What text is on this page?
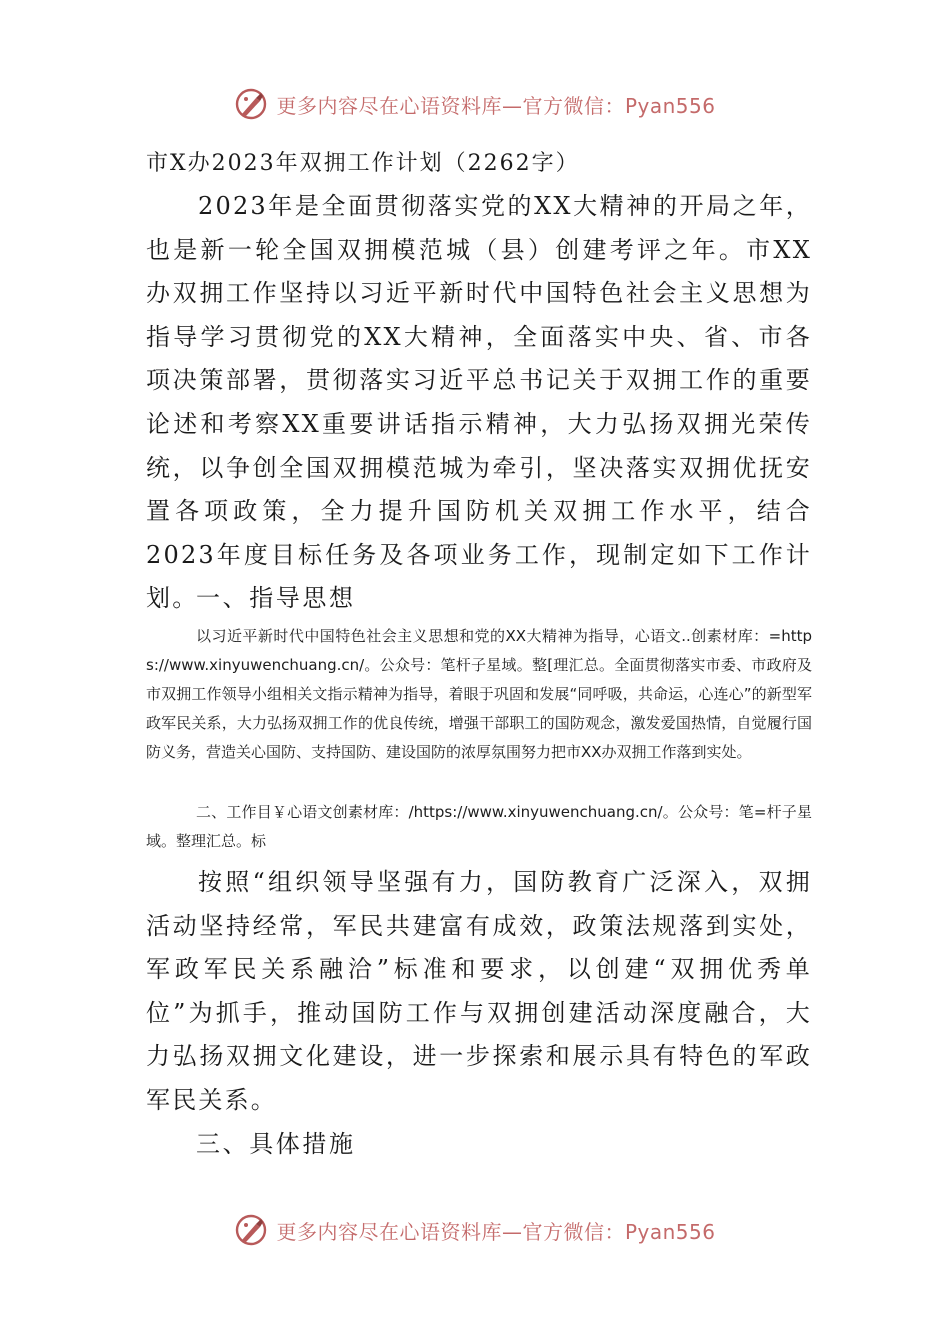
更多内容尽在心语资料库—官方微信：Pyan556
市X办2023年双拥工作计划（2262字）

2023年是全面贯彻落实党的XX大精神的开局之年，也是新一轮全国双拥模范城（县）创建考评之年。市XX办双拥工作坚持以习近平新时代中国特色社会主义思想为指导学习贯彻党的XX大精神，全面落实中央、省、市各项决策部署，贯彻落实习近平总书记关于双拥工作的重要论述和考察XX重要讲话指示精神，大力弘扬双拥光荣传统，以争创全国双拥模范城为牵引，坚决落实双拥优抚安置各项政策，全力提升国防机关双拥工作水平，结合2023年度目标任务及各项业务工作，现制定如下工作计划。

一、指导思想

以习近平新时代中国特色社会主义思想和党的XX大精神为指导，心语文..创素材库：=https://www.xinyuwenchuang.cn/。公众号：笔杆子星域。整[理汇总。全面贯彻落实市委、市政府及市双拥工作领导小组相关文指示精神为指导，着眼于巩固和发展“同呼吸，共命运，心连心”的新型军政军民关系，大力弘扬双拥工作的优良传统，增强干部职工的国防观念，激发爱国热情，自觉履行国防义务，营造关心国防、支持国防、建设国防的浓厚氛围努力把市XX办双拥工作落到实处。

二、工作目￥心语文创素材库：/https://www.xinyuwenchuang.cn/。公众号：笔=杆子星域。整理汇总。标

按照“组织领导坚强有力，国防教育广泛深入，双拥活动坚持经常，军民共建富有成效，政策法规落到实处，军政军民关系融洽”标准和要求，以创建“双拥优秀单位”为抓手，推动国防工作与双拥创建活动深度融合，大力弘扬双拥文化建设，进一步探索和展示具有特色的军政军民关系。

三、具体措施
更多内容尽在心语资料库—官方微信：Pyan556
